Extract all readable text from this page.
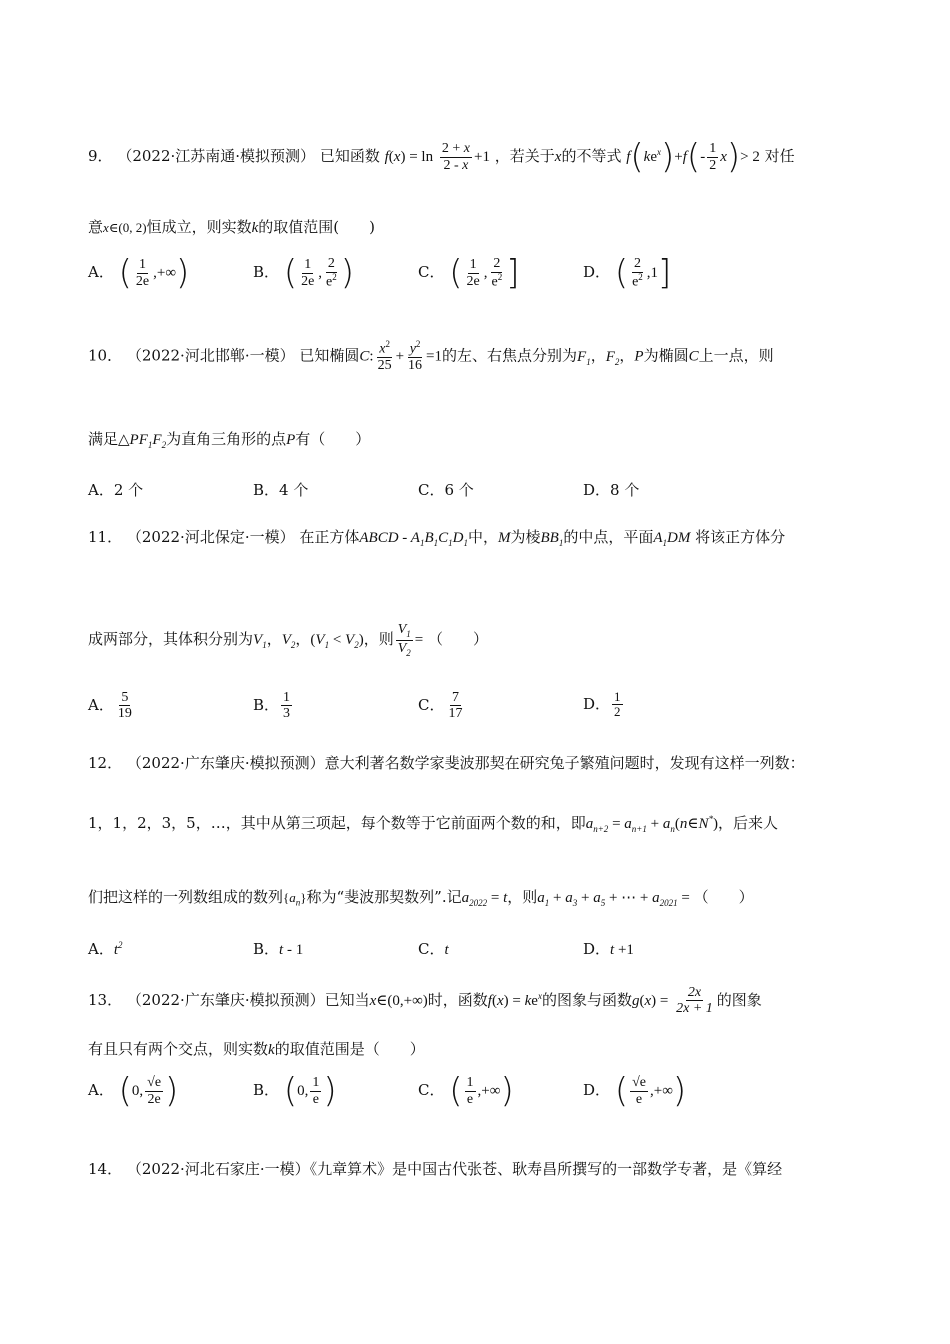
9． （2022·江苏南通·模拟预测） 已知函数 $f(x) = \ln \frac{2 + x}{2 - x} +1$ ，若关于x的不等式 $f(ke^x)+f(- \frac{1}{2} x)> 2$ 对任
意x∈(0, 2)恒成立，则实数k的取值范围(　　)
A． ( $\frac{1}{2e}$ ,+∞)	B． ( $\frac{1}{2e}$ , $\frac{2}{e^2}$ )	C． ( $\frac{1}{2e}$ , $\frac{2}{e^2}$ ]	D． ( $\frac{2}{e^2} ,1$]
10． （2022·河北邯郸·一模） 已知椭圆C: $\frac{x^2}{25} + \frac{y^2}{16} =1$的左、右焦点分别为$F_1$，$F_2$，P为椭圆C上一点，则
满足$\triangle PF_1F_2$为直角三角形的点P有（　　）
A．2 个	B．4 个	C．6 个	D．8 个
11． （2022·河北保定·一模） 在正方体ABCD - $A_1B_1C_1D_1$中，M为棱$BB_1$的中点，平面$A_1DM$ 将该正方体分
成两部分，其体积分别为$V_1$，$V_2$，$(V_1 < V_2)$，则 $\frac{V_1}{V_2}$ = （　　）
A． $\frac{5}{19}$	B． $\frac{1}{3}$	C． $\frac{7}{17}$	D． $\frac{1}{2}$
12． （2022·广东肇庆·模拟预测）意大利著名数学家斐波那契在研究兔子繁殖问题时，发现有这样一列数：
1，1，2，3，5，…，其中从第三项起，每个数等于它前面两个数的和，即$a_{n+2} = a_{n+1}$ + $a_n(n\in N^*)$，后来人
们把这样的一列数组成的数列$\{a_n\}$称为“斐波那契数列”.记$a_{2022} = t$，则$a_1 + a_3 + a_5$ + ⋯ + $a_{2021}$ = （　　）
A．$t^2$	B．t - 1	C．t	D．t +1
13． （2022·广东肇庆·模拟预测）已知当x∈(0,+∞)时，函数$f(x) = ke^x$的图象与函数$g(x) = \frac{2x}{2x + 1}$ 的图象
有且只有两个交点，则实数k的取值范围是（　　）
A． (0, $\frac{√e}{2e}$ )	B． (0, $\frac{1}{e}$ )	C． ( $\frac{1}{e}$ ,+∞)	D． ( $\frac{√e}{e}$ ,+∞)
14． （2022·河北石家庄·一模）《九章算术》是中国古代张苍、耿寿昌所撰写的一部数学专著，是《算经
